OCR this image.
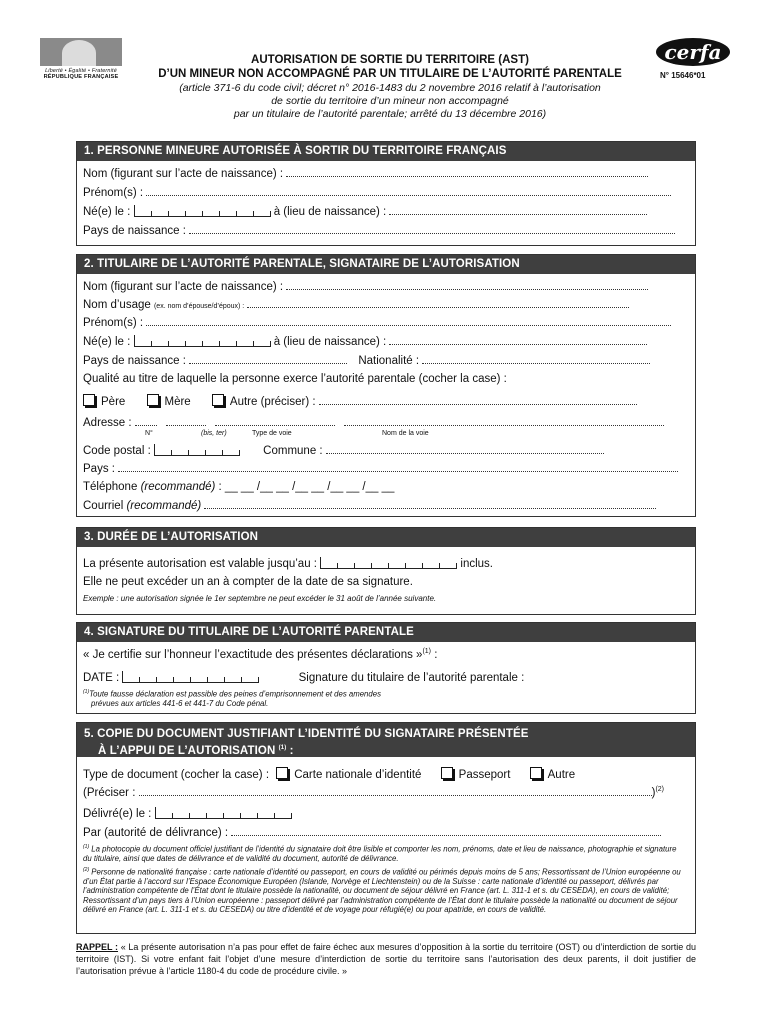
Liberté • Égalité • Fraternité
RÉPUBLIQUE FRANÇAISE
AUTORISATION DE SORTIE DU TERRITOIRE (AST)
D’UN MINEUR NON ACCOMPAGNÉ PAR UN TITULAIRE DE L’AUTORITÉ PARENTALE
(article 371-6 du code civil; décret n° 2016-1483 du 2 novembre 2016 relatif à l’autorisation
de sortie du territoire d’un mineur non accompagné
par un titulaire de l’autorité parentale; arrêté du 13 décembre 2016)
cerfa
N° 15646*01
1. PERSONNE MINEURE AUTORISÉE À SORTIR DU TERRITOIRE FRANÇAIS
Nom (figurant sur l’acte de naissance) :
Prénom(s) :
Né(e) le :	à (lieu de naissance) :
Pays de naissance :
2. TITULAIRE DE L’AUTORITÉ PARENTALE, SIGNATAIRE DE L’AUTORISATION
Nom (figurant sur l’acte de naissance) :
Nom d’usage (ex. nom d’épouse/d’époux) :
Prénom(s) :
Né(e) le :	à (lieu de naissance) :
Pays de naissance :	Nationalité :
Qualité au titre de laquelle la personne exerce l’autorité parentale (cocher la case) :
Père	Mère	Autre (préciser) :
Adresse :
N°	(bis, ter)	Type de voie	Nom de la voie
Code postal :	Commune :
Pays :
Téléphone (recommandé) : __ __ /__ __ /__ __ /__ __ /__ __
Courriel (recommandé)
3. DURÉE DE L’AUTORISATION
La présente autorisation est valable jusqu’au :	inclus.
Elle ne peut excéder un an à compter de la date de sa signature.
Exemple : une autorisation signée le 1er septembre ne peut excéder le 31 août de l’année suivante.
4. SIGNATURE DU TITULAIRE DE L’AUTORITÉ PARENTALE
« Je certifie sur l’honneur l’exactitude des présentes déclarations »$^{(1)}$ :
DATE :	Signature du titulaire de l’autorité parentale :
$^{(1)}$Toute fausse déclaration est passible des peines d’emprisonnement et des amendes
prévues aux articles 441-6 et 441-7 du Code pénal.
5. COPIE DU DOCUMENT JUSTIFIANT L’IDENTITÉ DU SIGNATAIRE PRÉSENTÉE
À L’APPUI DE L’AUTORISATION $^{(1)}$ :
Type de document (cocher la case) : Carte nationale d’identité	Passeport	Autre
(Préciser :	)$^{(2)}$
Délivré(e) le :
Par (autorité de délivrance) :
$^{(1)}$ La photocopie du document officiel justifiant de l’identité du signataire doit être lisible et comporter les nom, prénoms, date et lieu de naissance, photographie et signature du titulaire, ainsi que dates de délivrance et de validité du document, autorité de délivrance.
$^{(2)}$ Personne de nationalité française : carte nationale d’identité ou passeport, en cours de validité ou périmés depuis moins de 5 ans; Ressortissant de l’Union européenne ou d’un État partie à l’accord sur l’Espace Économique Européen (Islande, Norvège et Liechtenstein) ou de la Suisse : carte nationale d’identité ou passeport, délivrés par l’administration compétente de l’État dont le titulaire possède la nationalité, ou document de séjour délivré en France (art. L. 311-1 et s. du CESEDA), en cours de validité; Ressortissant d’un pays tiers à l’Union européenne : passeport délivré par l’administration compétente de l’État dont le titulaire possède la nationalité ou document de séjour délivré en France (art. L. 311-1 et s. du CESEDA) ou titre d’identité et de voyage pour réfugié(e) ou pour apatride, en cours de validité.
RAPPEL : « La présente autorisation n’a pas pour effet de faire échec aux mesures d’opposition à la sortie du territoire (OST) ou d’interdiction de sortie du territoire (IST). Si votre enfant fait l’objet d’une mesure d’interdiction de sortie du territoire sans l’autorisation des deux parents, il doit justifier de l’autorisation prévue à l’article 1180-4 du code de procédure civile. »
